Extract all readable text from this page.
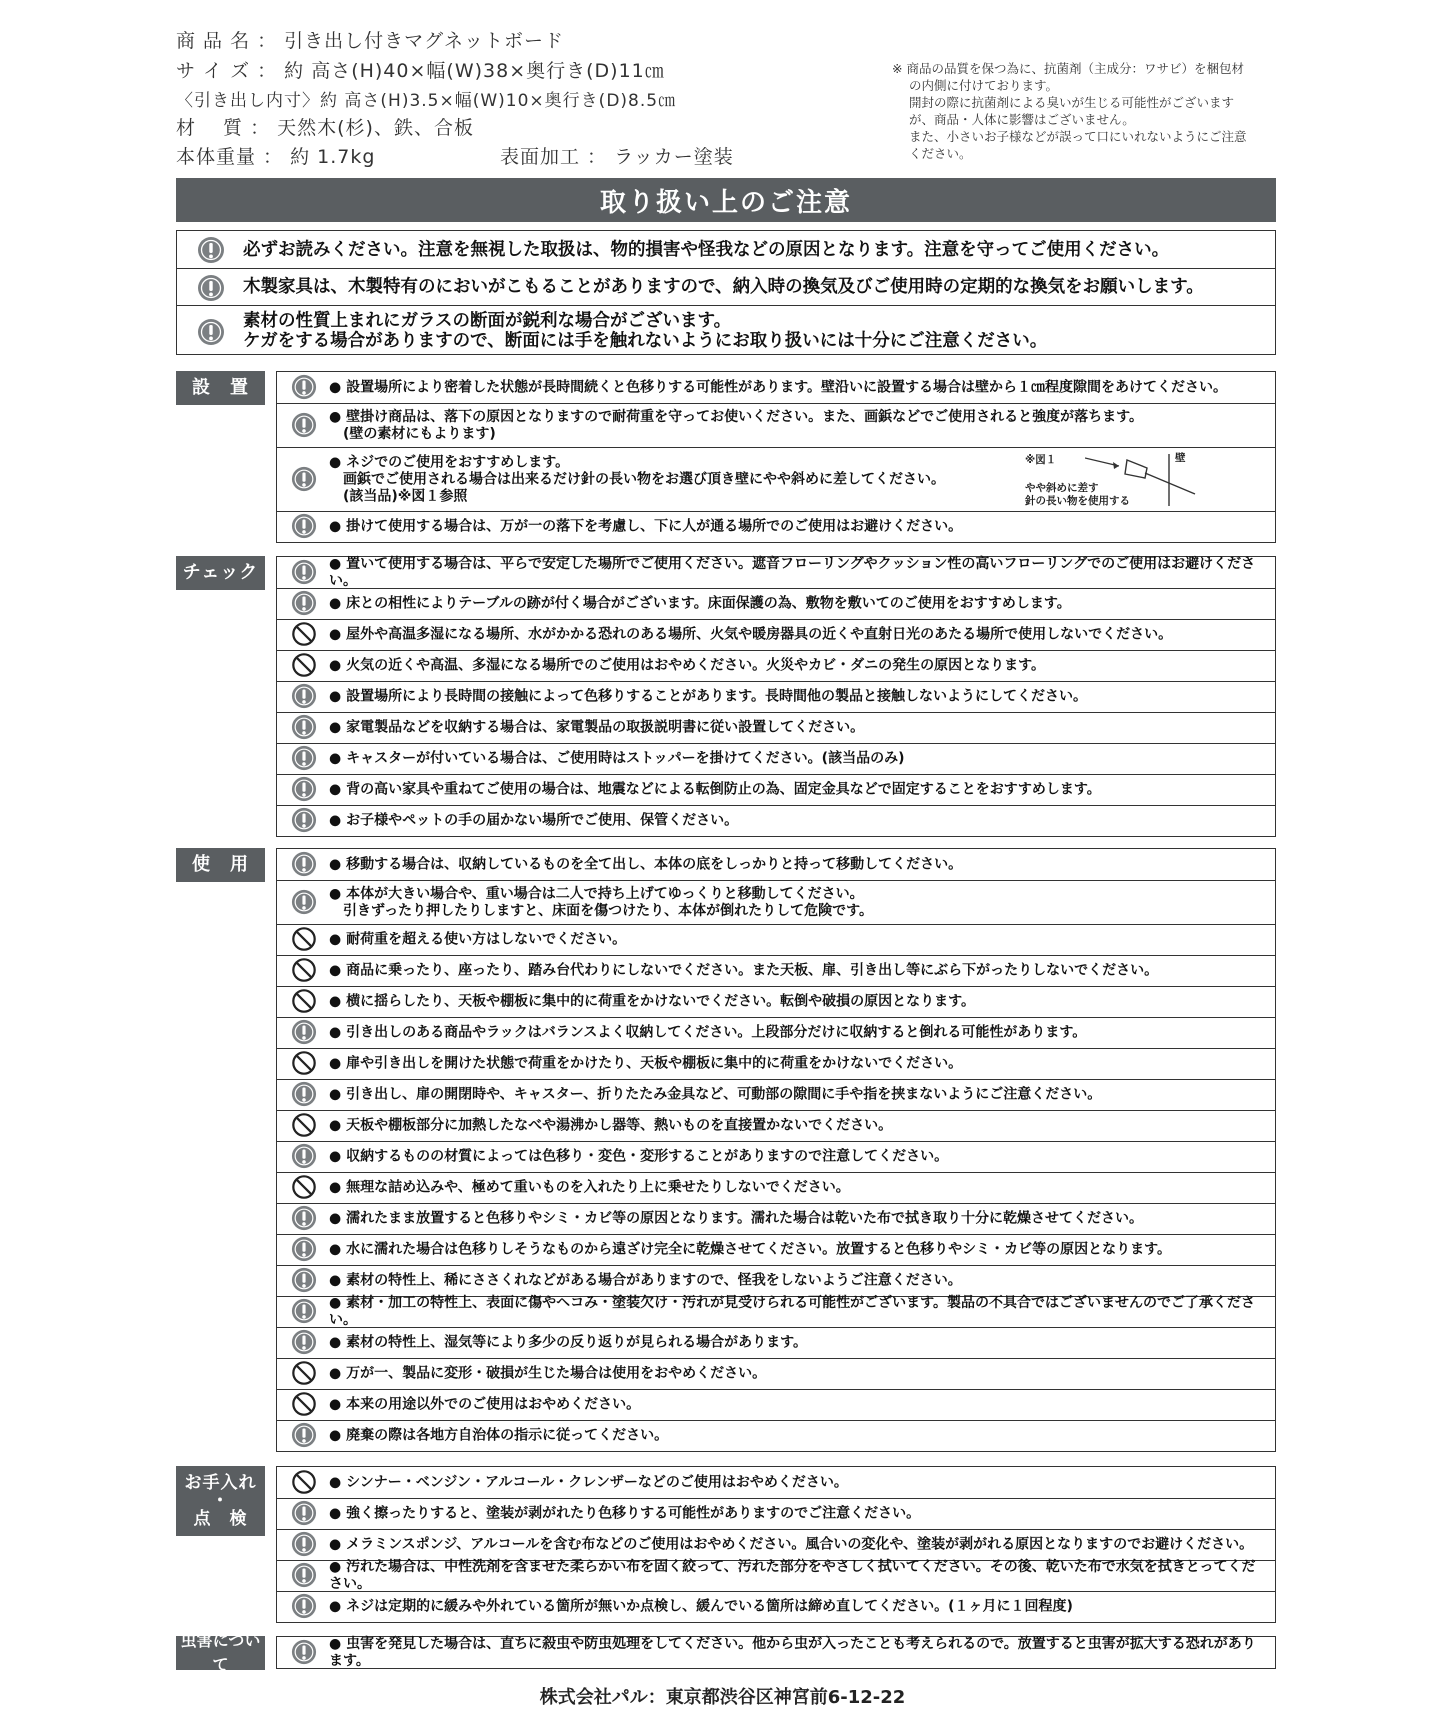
商 品 名 ： 引き出し付きマグネットボード
サ イ ズ ： 約 高さ(H)40×幅(W)38×奥行き(D)11㎝
〈引き出し内寸〉約 高さ(H)3.5×幅(W)10×奥行き(D)8.5㎝
材　 質 ： 天然木(杉)、鉄、合板
本体重量 ： 約 1.7kg	表面加工 ： ラッカー塗装

※ 商品の品質を保つ為に、抗菌剤（主成分：ワサビ）を梱包材

の内側に付けております。

開封の際に抗菌剤による臭いが生じる可能性がございます

が、商品・人体に影響はございません。

また、小さいお子様などが誤って口にいれないようにご注意

ください。

取り扱い上のご注意
必ずお読みください。注意を無視した取扱は、物的損害や怪我などの原因となります。注意を守ってご使用ください。
木製家具は、木製特有のにおいがこもることがありますので、納入時の換気及びご使用時の定期的な換気をお願いします。
素材の性質上まれにガラスの断面が鋭利な場合がございます。
ケガをする場合がありますので、断面には手を触れないようにお取り扱いには十分にご注意ください。
設　置	● 設置場所により密着した状態が長時間続くと色移りする可能性があります。壁沿いに設置する場合は壁から１㎝程度隙間をあけてください。
● 壁掛け商品は、落下の原因となりますので耐荷重を守ってお使いください。また、画鋲などでご使用されると強度が落ちます。
　(壁の素材にもよります)
● ネジでのご使用をおすすめします。
　画鋲でご使用される場合は出来るだけ針の長い物をお選び頂き壁にやや斜めに差してください。
　(該当品)※図１参照
※図１	壁
やや斜めに差す
針の長い物を使用する
● 掛けて使用する場合は、万が一の落下を考慮し、下に人が通る場所でのご使用はお避けください。
チェック	● 置いて使用する場合は、平らで安定した場所でご使用ください。遮音フローリングやクッション性の高いフローリングでのご使用はお避けください。
● 床との相性によりテーブルの跡が付く場合がございます。床面保護の為、敷物を敷いてのご使用をおすすめします。
● 屋外や高温多湿になる場所、水がかかる恐れのある場所、火気や暖房器具の近くや直射日光のあたる場所で使用しないでください。
● 火気の近くや高温、多湿になる場所でのご使用はおやめください。火災やカビ・ダニの発生の原因となります。
● 設置場所により長時間の接触によって色移りすることがあります。長時間他の製品と接触しないようにしてください。
● 家電製品などを収納する場合は、家電製品の取扱説明書に従い設置してください。
● キャスターが付いている場合は、ご使用時はストッパーを掛けてください。(該当品のみ)
● 背の高い家具や重ねてご使用の場合は、地震などによる転倒防止の為、固定金具などで固定することをおすすめします。
● お子様やペットの手の届かない場所でご使用、保管ください。
使　用	● 移動する場合は、収納しているものを全て出し、本体の底をしっかりと持って移動してください。
● 本体が大きい場合や、重い場合は二人で持ち上げてゆっくりと移動してください。
　引きずったり押したりしますと、床面を傷つけたり、本体が倒れたりして危険です。
● 耐荷重を超える使い方はしないでください。
● 商品に乗ったり、座ったり、踏み台代わりにしないでください。また天板、扉、引き出し等にぶら下がったりしないでください。
● 横に揺らしたり、天板や棚板に集中的に荷重をかけないでください。転倒や破損の原因となります。
● 引き出しのある商品やラックはバランスよく収納してください。上段部分だけに収納すると倒れる可能性があります。
● 扉や引き出しを開けた状態で荷重をかけたり、天板や棚板に集中的に荷重をかけないでください。
● 引き出し、扉の開閉時や、キャスター、折りたたみ金具など、可動部の隙間に手や指を挟まないようにご注意ください。
● 天板や棚板部分に加熱したなべや湯沸かし器等、熱いものを直接置かないでください。
● 収納するものの材質によっては色移り・変色・変形することがありますので注意してください。
● 無理な詰め込みや、極めて重いものを入れたり上に乗せたりしないでください。
● 濡れたまま放置すると色移りやシミ・カビ等の原因となります。濡れた場合は乾いた布で拭き取り十分に乾燥させてください。
● 水に濡れた場合は色移りしそうなものから遠ざけ完全に乾燥させてください。放置すると色移りやシミ・カビ等の原因となります。
● 素材の特性上、稀にささくれなどがある場合がありますので、怪我をしないようご注意ください。
● 素材・加工の特性上、表面に傷やヘコみ・塗装欠け・汚れが見受けられる可能性がございます。製品の不具合ではございませんのでご了承ください。
● 素材の特性上、湿気等により多少の反り返りが見られる場合があります。
● 万が一、製品に変形・破損が生じた場合は使用をおやめください。
● 本来の用途以外でのご使用はおやめください。
● 廃棄の際は各地方自治体の指示に従ってください。
お手入れ
・
点　検
● シンナー・ベンジン・アルコール・クレンザーなどのご使用はおやめください。
● 強く擦ったりすると、塗装が剥がれたり色移りする可能性がありますのでご注意ください。
● メラミンスポンジ、アルコールを含む布などのご使用はおやめください。風合いの変化や、塗装が剥がれる原因となりますのでお避けください。
● 汚れた場合は、中性洗剤を含ませた柔らかい布を固く絞って、汚れた部分をやさしく拭いてください。その後、乾いた布で水気を拭きとってください。
● ネジは定期的に緩みや外れている箇所が無いか点検し、緩んでいる箇所は締め直してください。(１ヶ月に１回程度)
虫害について
● 虫害を発見した場合は、直ちに殺虫や防虫処理をしてください。他から虫が入ったことも考えられるので。放置すると虫害が拡大する恐れがあります。
株式会社パル：東京都渋谷区神宮前6-12-22
